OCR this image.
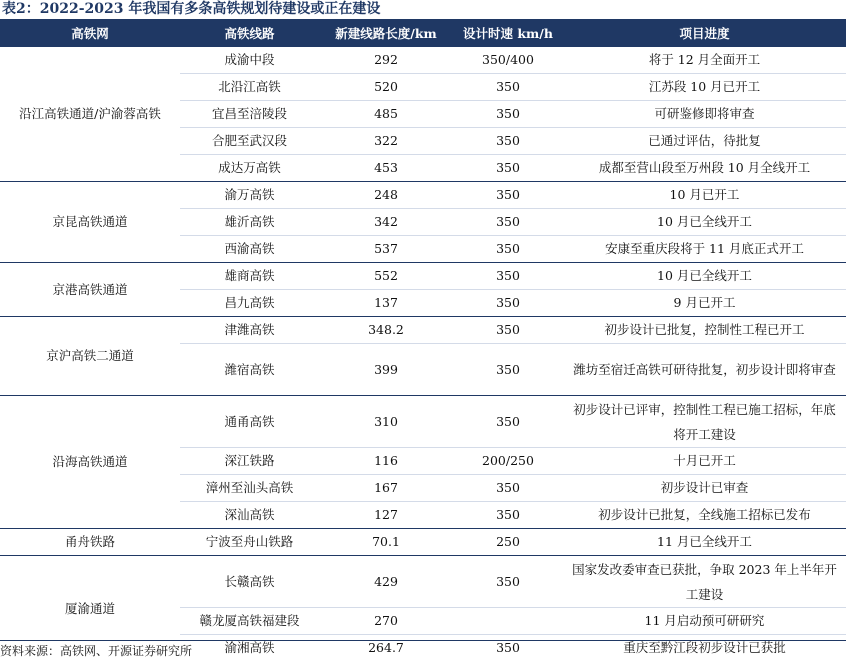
表2：2022-2023 年我国有多条高铁规划待建设或正在建设
高铁网	高铁线路	新建线路长度/km	设计时速 km/h	项目进度
沿江高铁通道/沪渝蓉高铁	成渝中段	292	350/400	将于 12 月全面开工
	北沿江高铁	520	350	江苏段 10 月已开工
	宜昌至涪陵段	485	350	可研鉴修即将审查
	合肥至武汉段	322	350	已通过评估，待批复
	成达万高铁	453	350	成都至营山段至万州段 10 月全线开工
京昆高铁通道	渝万高铁	248	350	10 月已开工
	雄沂高铁	342	350	10 月已全线开工
	西渝高铁	537	350	安康至重庆段将于 11 月底正式开工
京港高铁通道	雄商高铁	552	350	10 月已全线开工
	昌九高铁	137	350	9 月已开工
京沪高铁二通道	津潍高铁	348.2	350	初步设计已批复，控制性工程已开工
	潍宿高铁	399	350	潍坊至宿迁高铁可研待批复，初步设计即将审查
沿海高铁通道	通甬高铁	310	350	初步设计已评审，控制性工程已施工招标，年底将开工建设
	深江铁路	116	200/250	十月已开工
	漳州至汕头高铁	167	350	初步设计已审查
	深汕高铁	127	350	初步设计已批复，全线施工招标已发布
甬舟铁路	宁波至舟山铁路	70.1	250	11 月已全线开工
厦渝通道	长赣高铁	429	350	国家发改委审查已获批，争取 2023 年上半年开工建设
	赣龙厦高铁福建段	270		11 月启动预可研研究
	渝湘高铁	264.7	350	重庆至黔江段初步设计已获批
资料来源：高铁网、开源证券研究所
